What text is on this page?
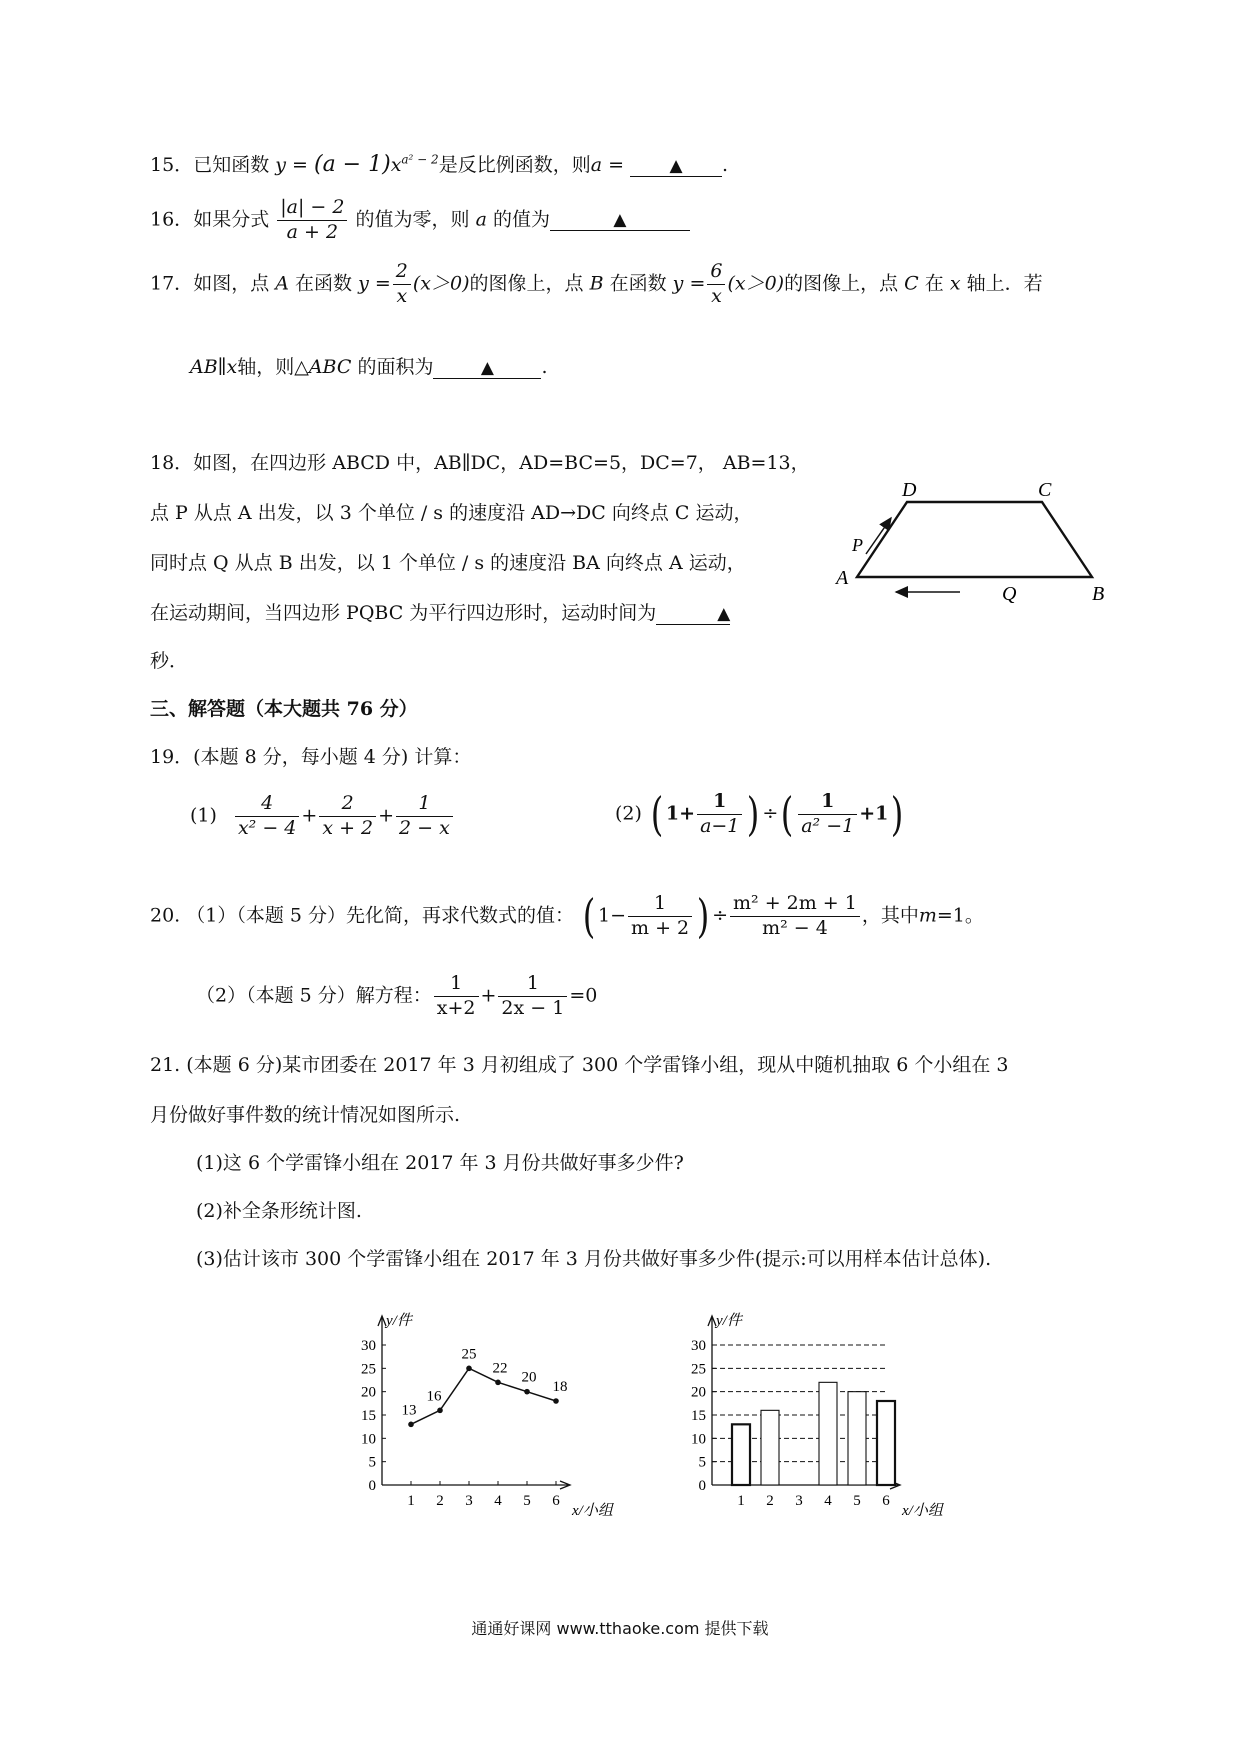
15．已知函数 $y = (a - 1)x^{a^2 - 2}$是反比例函数，则a = ▲ .
16．如果分式 $\frac{|a| - 2}{a + 2}$ 的值为零，则 a 的值为	▲
17．如图，点 A 在函数 $y = \frac{2}{x} (x>0)$的图像上，点 B 在函数 $y = \frac{6}{x} (x>0)$的图像上，点 C 在 x 轴上．若
AB∥x轴，则△ABC 的面积为	▲ .
18．如图，在四边形 ABCD 中，AB∥DC，AD=BC=5，DC=7， AB=13，
点 P 从点 A 出发，以 3 个单位 / s 的速度沿 AD→DC 向终点 C 运动，
同时点 Q 从点 B 出发，以 1 个单位 / s 的速度沿 BA 向终点 A 运动，
在运动期间，当四边形 PQBC 为平行四边形时，运动时间为	▲
秒．
D	C
P
A
Q	B
三、解答题（本大题共 76 分）
19．(本题 8 分，每小题 4 分) 计算：
$(1) \frac{4}{\text{x² − 4}} + \frac{2}{x + 2} + \frac{1}{2 - x}$	(2) ( $1+ \frac{1}{a-1}$ ) ÷( $\frac{1}{\text{a² −1}} +1$)
20. （1）（本题 5 分）先化简，再求代数式的值： ( $1- \frac{1}{m + 2}$ ) ÷ $\frac{\text{m² + 2m + 1}}{\text{m² − 4}}$ ，其中m=1。
（2）（本题 5 分）解方程： $\frac{1}{x+2} + \frac{1}{2x - 1} =0$
21. (本题 6 分)某市团委在 2017 年 3 月初组成了 300 个学雷锋小组，现从中随机抽取 6 个小组在 3
月份做好事件数的统计情况如图所示.
(1)这 6 个学雷锋小组在 2017 年 3 月份共做好事多少件?
(2)补全条形统计图.
(3)估计该市 300 个学雷锋小组在 2017 年 3 月份共做好事多少件(提示:可以用样本估计总体).
y/件
x/小组
0
5
10
15
20
25
30
1 2 3 4 5 6
13
16
25
22
20
18
y/件
x/小组
0
5
10
15
20
25
30
1 2 3 4 5 6
通通好课网 www.tthaoke.com 提供下载
